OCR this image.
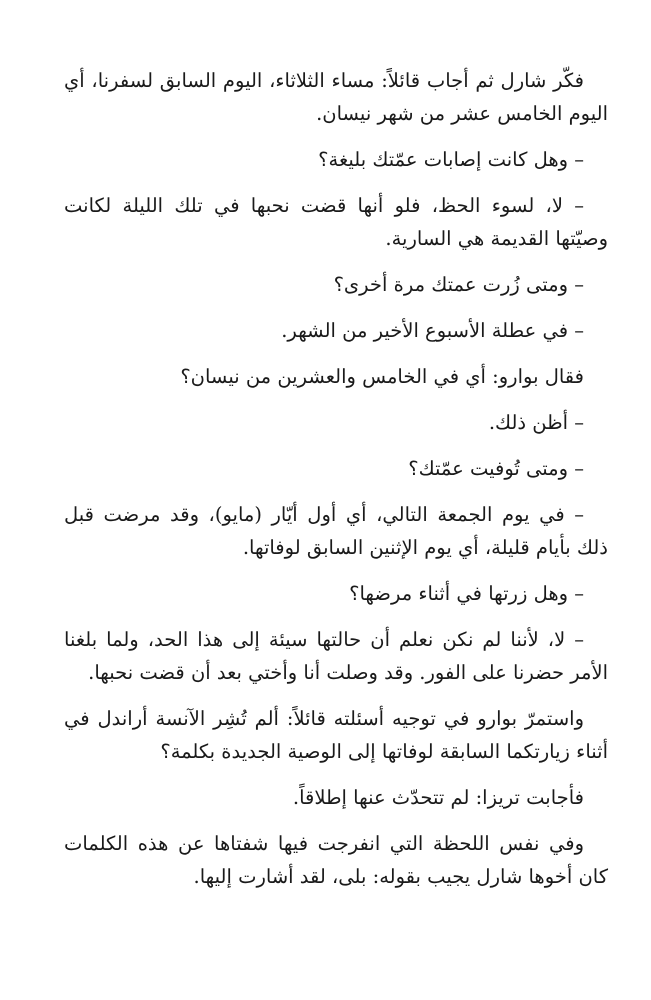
فكّر شارل ثم أجاب قائلاً: مساء الثلاثاء، اليوم السابق لسفرنا، أي اليوم الخامس عشر من شهر نيسان.

– وهل كانت إصابات عمّتك بليغة؟

– لا، لسوء الحظ، فلو أنها قضت نحبها في تلك الليلة لكانت وصيّتها القديمة هي السارية.

– ومتى زُرت عمتك مرة أخرى؟

– في عطلة الأسبوع الأخير من الشهر.

فقال بوارو: أي في الخامس والعشرين من نيسان؟

– أظن ذلك.

– ومتى تُوفيت عمّتك؟

– في يوم الجمعة التالي، أي أول أيّار (مايو)، وقد مرضت قبل ذلك بأيام قليلة، أي يوم الإثنين السابق لوفاتها.

– وهل زرتها في أثناء مرضها؟

– لا، لأننا لم نكن نعلم أن حالتها سيئة إلى هذا الحد، ولما بلغنا الأمر حضرنا على الفور. وقد وصلت أنا وأختي بعد أن قضت نحبها.

واستمرّ بوارو في توجيه أسئلته قائلاً: ألم تُشِر الآنسة أراندل في أثناء زيارتكما السابقة لوفاتها إلى الوصية الجديدة بكلمة؟

فأجابت تريزا: لم تتحدّث عنها إطلاقاً.

وفي نفس اللحظة التي انفرجت فيها شفتاها عن هذه الكلمات كان أخوها شارل يجيب بقوله: بلى، لقد أشارت إليها.
